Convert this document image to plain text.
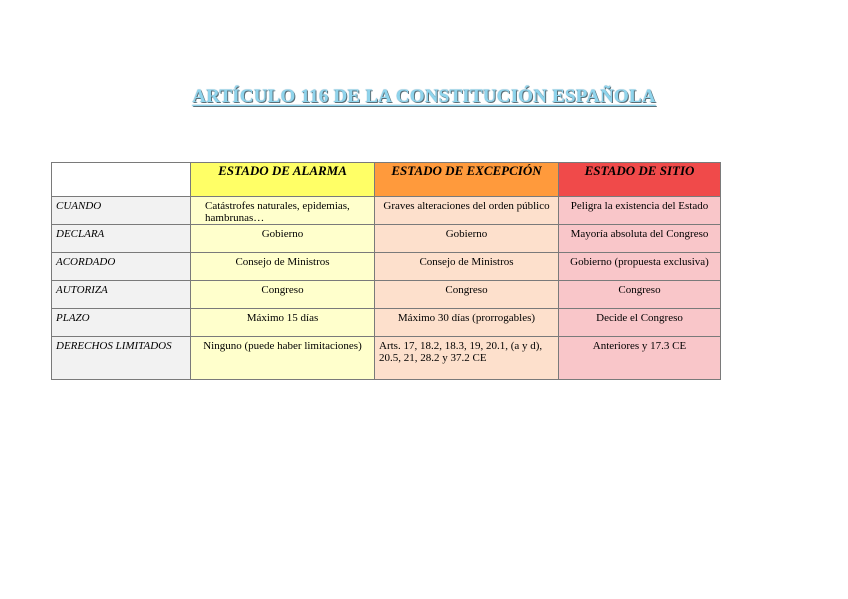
ARTÍCULO 116 DE LA CONSTITUCIÓN ESPAÑOLA
	ESTADO DE ALARMA	ESTADO DE EXCEPCIÓN	ESTADO DE SITIO
CUANDO	Catástrofes naturales, epidemias, hambrunas…	Graves alteraciones del orden público	Peligra la existencia del Estado
DECLARA	Gobierno	Gobierno	Mayoría absoluta del Congreso
ACORDADO	Consejo de Ministros	Consejo de Ministros	Gobierno (propuesta exclusiva)
AUTORIZA	Congreso	Congreso	Congreso
PLAZO	Máximo 15 días	Máximo 30 días (prorrogables)	Decide el Congreso
DERECHOS LIMITADOS	Ninguno (puede haber limitaciones)	Arts. 17, 18.2, 18.3, 19, 20.1, (a y d), 20.5, 21, 28.2 y 37.2 CE	Anteriores y 17.3 CE
